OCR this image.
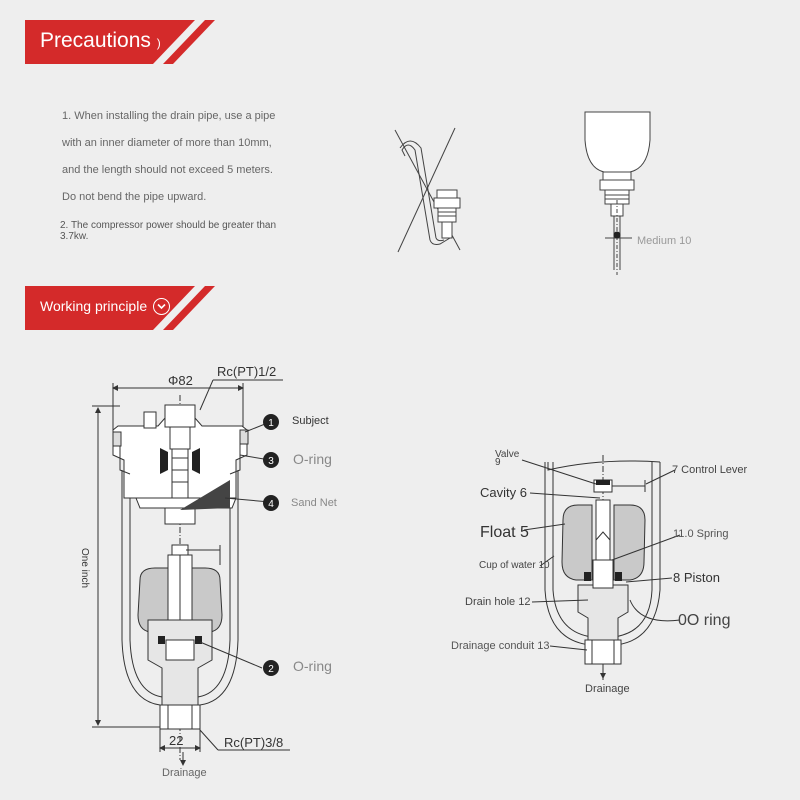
Precautions )
1. When installing the drain pipe, use a pipe
with an inner diameter of more than 10mm,
and the length should not exceed 5 meters.
Do not bend the pipe upward.
2. The compressor power should be greater than 3.7kw.
Working principle
Medium 10
Rc(PT)1/2
Φ82
One inch
22	Rc(PT)3/8
Drainage
1 Subject
3 O-ring
4 Sand Net
2 O-ring
Valve
9
7 Control Lever
Cavity 6
Float 5	11.0 Spring
Cup of water 10
8 Piston
Drain hole 12
0O ring
Drainage conduit 13
Drainage
